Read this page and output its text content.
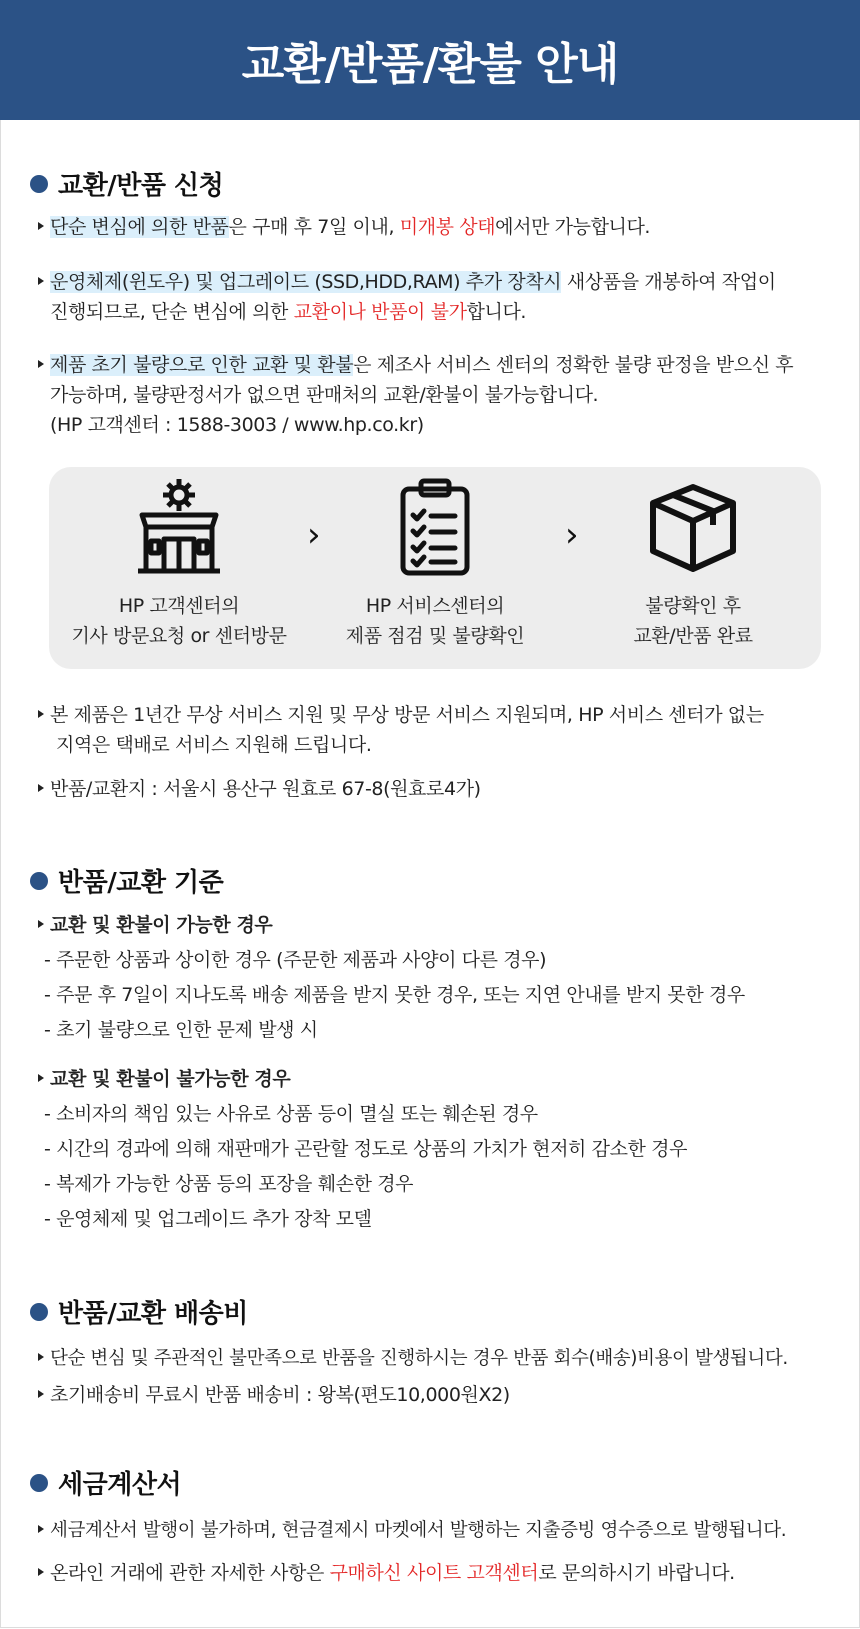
교환/반품/환불 안내
교환/반품 신청
단순 변심에 의한 반품은 구매 후 7일 이내, 미개봉 상태에서만 가능합니다.
운영체제(윈도우) 및 업그레이드 (SSD,HDD,RAM) 추가 장착시 새상품을 개봉하여 작업이
진행되므로, 단순 변심에 의한 교환이나 반품이 불가합니다.
제품 초기 불량으로 인한 교환 및 환불은 제조사 서비스 센터의 정확한 불량 판정을 받으신 후
가능하며, 불량판정서가 없으면 판매처의 교환/환불이 불가능합니다.
(HP 고객센터 : 1588-3003 / www.hp.co.kr)
HP 고객센터의
기사 방문요청 or 센터방문
›
HP 서비스센터의
제품 점검 및 불량확인
›
불량확인 후
교환/반품 완료
본 제품은 1년간 무상 서비스 지원 및 무상 방문 서비스 지원되며, HP 서비스 센터가 없는
지역은 택배로 서비스 지원해 드립니다.
반품/교환지 : 서울시 용산구 원효로 67-8(원효로4가)
반품/교환 기준
교환 및 환불이 가능한 경우
- 주문한 상품과 상이한 경우 (주문한 제품과 사양이 다른 경우)
- 주문 후 7일이 지나도록 배송 제품을 받지 못한 경우, 또는 지연 안내를 받지 못한 경우
- 초기 불량으로 인한 문제 발생 시
교환 및 환불이 불가능한 경우
- 소비자의 책임 있는 사유로 상품 등이 멸실 또는 훼손된 경우
- 시간의 경과에 의해 재판매가 곤란할 정도로 상품의 가치가 현저히 감소한 경우
- 복제가 가능한 상품 등의 포장을 훼손한 경우
- 운영체제 및 업그레이드 추가 장착 모델
반품/교환 배송비
단순 변심 및 주관적인 불만족으로 반품을 진행하시는 경우 반품 회수(배송)비용이 발생됩니다.
초기배송비 무료시 반품 배송비 : 왕복(편도10,000원X2)
세금계산서
세금계산서 발행이 불가하며, 현금결제시 마켓에서 발행하는 지출증빙 영수증으로 발행됩니다.
온라인 거래에 관한 자세한 사항은 구매하신 사이트 고객센터로 문의하시기 바랍니다.
